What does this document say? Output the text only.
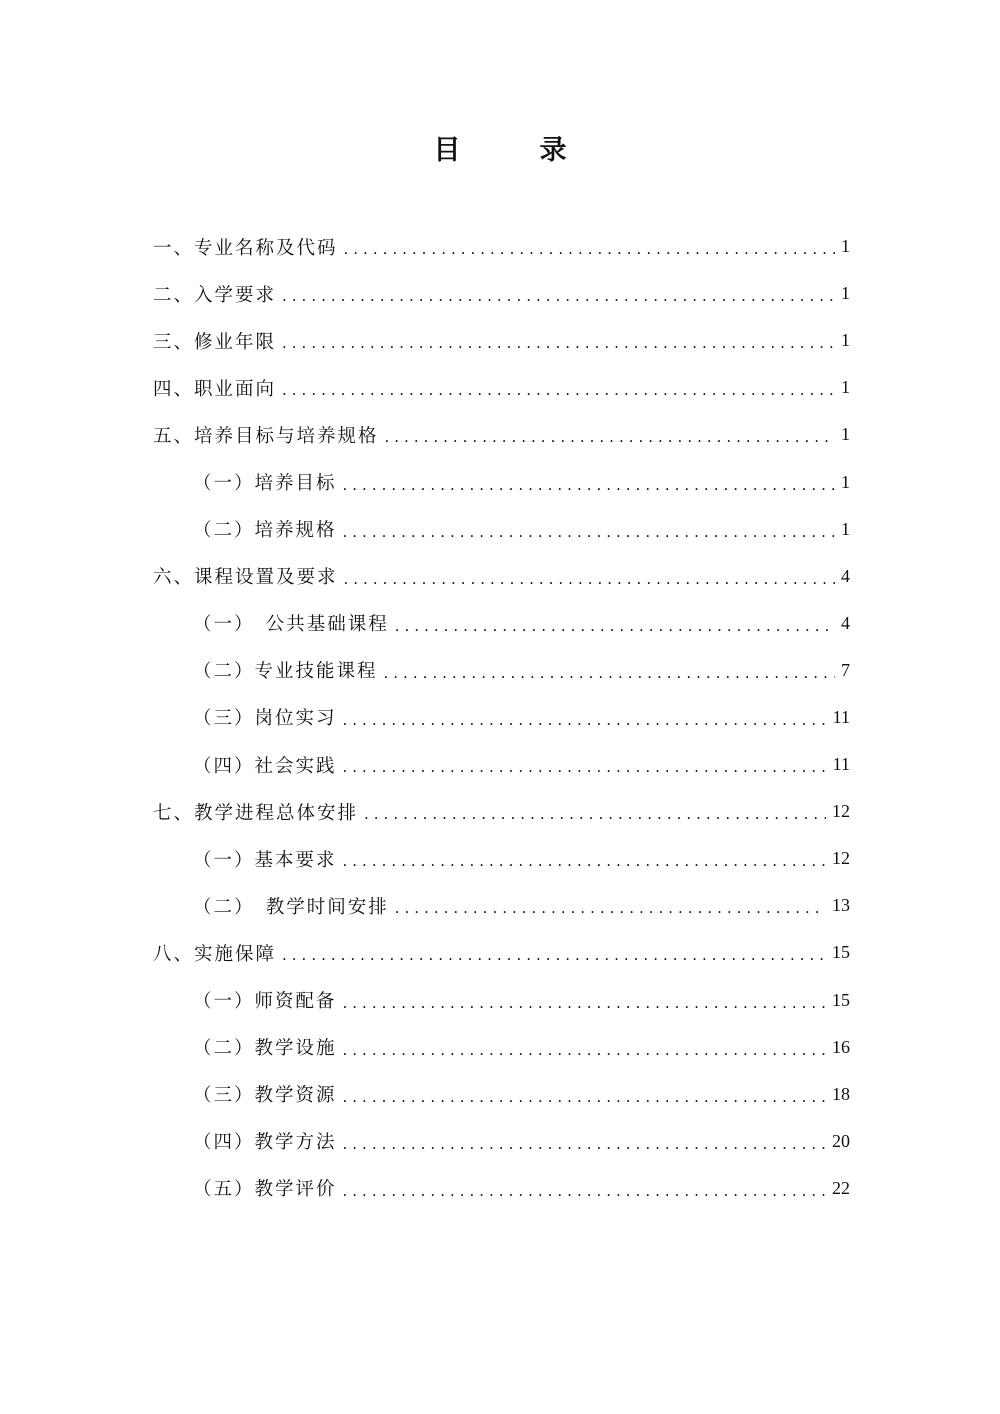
目　录
一、专业名称及代码 .....	1
二、入学要求 .....	1
三、修业年限 .....	1
四、职业面向 .....	1
五、培养目标与培养规格 .....	1
（一）培养目标 .....	1
（二）培养规格 .....	1
六、课程设置及要求 .....	4
（一）　公共基础课程 .....	4
（二）专业技能课程 .....	7
（三）岗位实习 .....	11
（四）社会实践 .....	11
七、教学进程总体安排 .....	12
（一）基本要求 .....	12
（二）　教学时间安排 .....	13
八、实施保障 .....	15
（一）师资配备 .....	15
（二）教学设施 .....	16
（三）教学资源 .....	18
（四）教学方法 .....	20
（五）教学评价 .....	22
